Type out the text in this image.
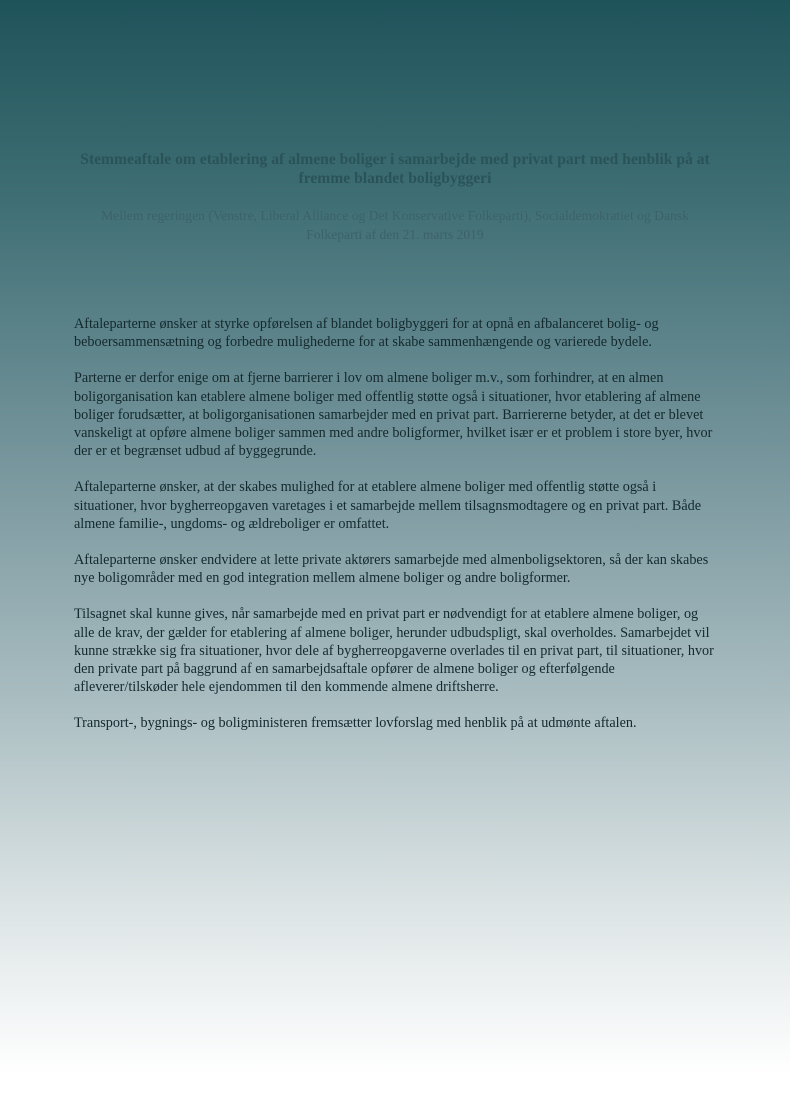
Stemmeaftale om etablering af almene boliger i samarbejde med privat part med henblik på at fremme blandet boligbyggeri

Mellem regeringen (Venstre, Liberal Alliance og Det Konservative Folkeparti), Socialdemokratiet og Dansk Folkeparti af den 21. marts 2019

Aftaleparterne ønsker at styrke opførelsen af blandet boligbyggeri for at opnå en afbalanceret bolig- og beboersammensætning og forbedre mulighederne for at skabe sammenhængende og varierede bydele.

Parterne er derfor enige om at fjerne barrierer i lov om almene boliger m.v., som forhindrer, at en almen boligorganisation kan etablere almene boliger med offentlig støtte også i situationer, hvor etablering af almene boliger forudsætter, at boligorganisationen samarbejder med en privat part. Barriererne betyder, at det er blevet vanskeligt at opføre almene boliger sammen med andre boligformer, hvilket især er et problem i store byer, hvor der er et begrænset udbud af byggegrunde.

Aftaleparterne ønsker, at der skabes mulighed for at etablere almene boliger med offentlig støtte også i situationer, hvor bygherreopgaven varetages i et samarbejde mellem tilsagnsmodtagere og en privat part. Både almene familie-, ungdoms- og ældreboliger er omfattet.

Aftaleparterne ønsker endvidere at lette private aktørers samarbejde med almenboligsektoren, så der kan skabes nye boligområder med en god integration mellem almene boliger og andre boligformer.

Tilsagnet skal kunne gives, når samarbejde med en privat part er nødvendigt for at etablere almene boliger, og alle de krav, der gælder for etablering af almene boliger, herunder udbudspligt, skal overholdes. Samarbejdet vil kunne strække sig fra situationer, hvor dele af bygherreopgaverne overlades til en privat part, til situationer, hvor den private part på baggrund af en samarbejdsaftale opfører de almene boliger og efterfølgende afleverer/tilskøder hele ejendommen til den kommende almene driftsherre.

Transport-, bygnings- og boligministeren fremsætter lovforslag med henblik på at udmønte aftalen.
